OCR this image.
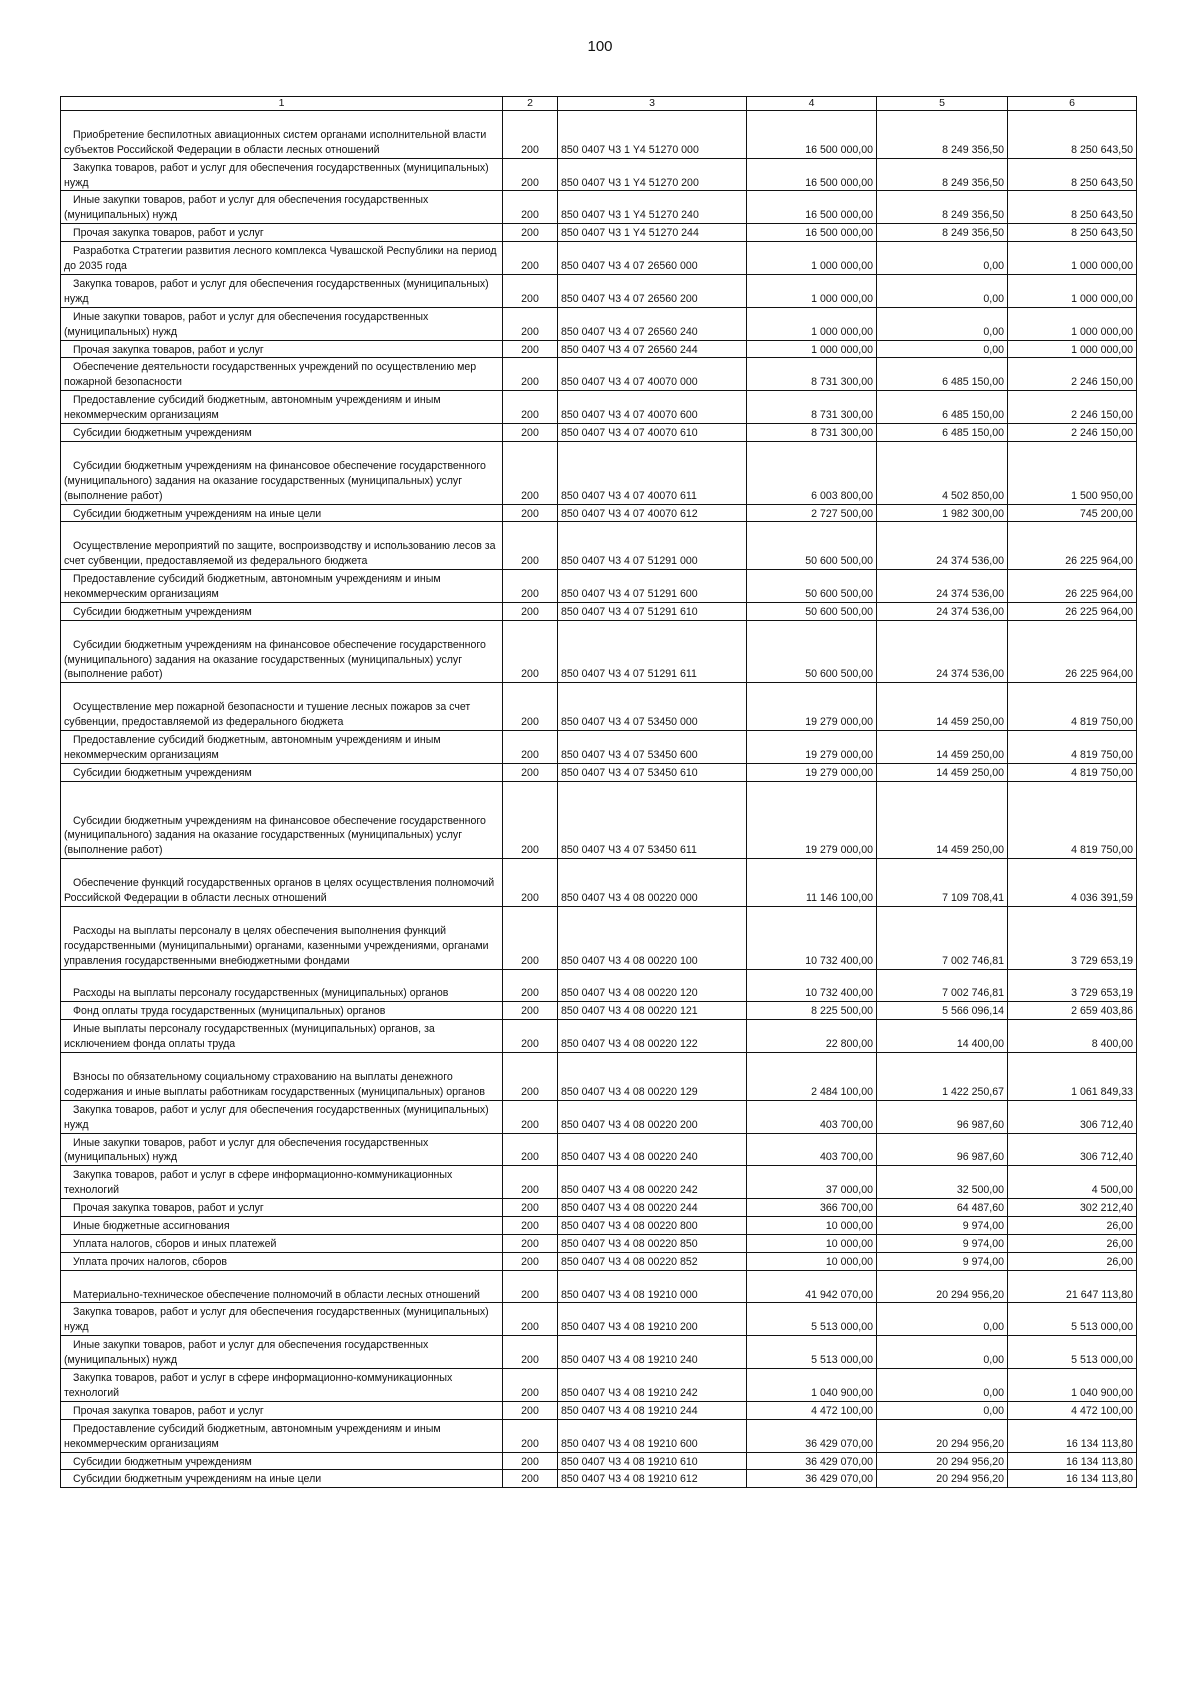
100
1	2	3	4	5	6

Приобретение беспилотных авиационных систем органами исполнительной власти субъектов Российской Федерации в области лесных отношений	200	850 0407 Ч3 1 Y4 51270 000	16 500 000,00	8 249 356,50	8 250 643,50

Закупка товаров, работ и услуг для обеспечения государственных (муниципальных) нужд	200	850 0407 Ч3 1 Y4 51270 200	16 500 000,00	8 249 356,50	8 250 643,50

Иные закупки товаров, работ и услуг для обеспечения государственных (муниципальных) нужд	200	850 0407 Ч3 1 Y4 51270 240	16 500 000,00	8 249 356,50	8 250 643,50

Прочая закупка товаров, работ и услуг	200	850 0407 Ч3 1 Y4 51270 244	16 500 000,00	8 249 356,50	8 250 643,50

Разработка Стратегии развития лесного комплекса Чувашской Республики на период до 2035 года	200	850 0407 Ч3 4 07 26560 000	1 000 000,00	0,00	1 000 000,00

Закупка товаров, работ и услуг для обеспечения государственных (муниципальных) нужд	200	850 0407 Ч3 4 07 26560 200	1 000 000,00	0,00	1 000 000,00

Иные закупки товаров, работ и услуг для обеспечения государственных (муниципальных) нужд	200	850 0407 Ч3 4 07 26560 240	1 000 000,00	0,00	1 000 000,00

Прочая закупка товаров, работ и услуг	200	850 0407 Ч3 4 07 26560 244	1 000 000,00	0,00	1 000 000,00

Обеспечение деятельности государственных учреждений по осуществлению мер пожарной безопасности	200	850 0407 Ч3 4 07 40070 000	8 731 300,00	6 485 150,00	2 246 150,00

Предоставление субсидий бюджетным, автономным учреждениям и иным некоммерческим организациям	200	850 0407 Ч3 4 07 40070 600	8 731 300,00	6 485 150,00	2 246 150,00

Субсидии бюджетным учреждениям	200	850 0407 Ч3 4 07 40070 610	8 731 300,00	6 485 150,00	2 246 150,00

Субсидии бюджетным учреждениям на финансовое обеспечение государственного (муниципального) задания на оказание государственных (муниципальных) услуг (выполнение работ)	200	850 0407 Ч3 4 07 40070 611	6 003 800,00	4 502 850,00	1 500 950,00

Субсидии бюджетным учреждениям на иные цели	200	850 0407 Ч3 4 07 40070 612	2 727 500,00	1 982 300,00	745 200,00

Осуществление мероприятий по защите, воспроизводству и использованию лесов за счет субвенции, предоставляемой из федерального бюджета	200	850 0407 Ч3 4 07 51291 000	50 600 500,00	24 374 536,00	26 225 964,00

Предоставление субсидий бюджетным, автономным учреждениям и иным некоммерческим организациям	200	850 0407 Ч3 4 07 51291 600	50 600 500,00	24 374 536,00	26 225 964,00

Субсидии бюджетным учреждениям	200	850 0407 Ч3 4 07 51291 610	50 600 500,00	24 374 536,00	26 225 964,00

Субсидии бюджетным учреждениям на финансовое обеспечение государственного (муниципального) задания на оказание государственных (муниципальных) услуг (выполнение работ)	200	850 0407 Ч3 4 07 51291 611	50 600 500,00	24 374 536,00	26 225 964,00

Осуществление мер пожарной безопасности и тушение лесных пожаров за счет субвенции, предоставляемой из федерального бюджета	200	850 0407 Ч3 4 07 53450 000	19 279 000,00	14 459 250,00	4 819 750,00

Предоставление субсидий бюджетным, автономным учреждениям и иным некоммерческим организациям	200	850 0407 Ч3 4 07 53450 600	19 279 000,00	14 459 250,00	4 819 750,00

Субсидии бюджетным учреждениям	200	850 0407 Ч3 4 07 53450 610	19 279 000,00	14 459 250,00	4 819 750,00

Субсидии бюджетным учреждениям на финансовое обеспечение государственного (муниципального) задания на оказание государственных (муниципальных) услуг (выполнение работ)	200	850 0407 Ч3 4 07 53450 611	19 279 000,00	14 459 250,00	4 819 750,00

Обеспечение функций государственных органов в целях осуществления полномочий Российской Федерации в области лесных отношений	200	850 0407 Ч3 4 08 00220 000	11 146 100,00	7 109 708,41	4 036 391,59

Расходы на выплаты персоналу в целях обеспечения выполнения функций государственными (муниципальными) органами, казенными учреждениями, органами управления государственными внебюджетными фондами	200	850 0407 Ч3 4 08 00220 100	10 732 400,00	7 002 746,81	3 729 653,19

Расходы на выплаты персоналу государственных (муниципальных) органов	200	850 0407 Ч3 4 08 00220 120	10 732 400,00	7 002 746,81	3 729 653,19

Фонд оплаты труда государственных (муниципальных) органов	200	850 0407 Ч3 4 08 00220 121	8 225 500,00	5 566 096,14	2 659 403,86

Иные выплаты персоналу государственных (муниципальных) органов, за исключением фонда оплаты труда	200	850 0407 Ч3 4 08 00220 122	22 800,00	14 400,00	8 400,00

Взносы по обязательному социальному страхованию на выплаты денежного содержания и иные выплаты работникам государственных (муниципальных) органов	200	850 0407 Ч3 4 08 00220 129	2 484 100,00	1 422 250,67	1 061 849,33

Закупка товаров, работ и услуг для обеспечения государственных (муниципальных) нужд	200	850 0407 Ч3 4 08 00220 200	403 700,00	96 987,60	306 712,40

Иные закупки товаров, работ и услуг для обеспечения государственных (муниципальных) нужд	200	850 0407 Ч3 4 08 00220 240	403 700,00	96 987,60	306 712,40

Закупка товаров, работ и услуг в сфере информационно-коммуникационных технологий	200	850 0407 Ч3 4 08 00220 242	37 000,00	32 500,00	4 500,00

Прочая закупка товаров, работ и услуг	200	850 0407 Ч3 4 08 00220 244	366 700,00	64 487,60	302 212,40

Иные бюджетные ассигнования	200	850 0407 Ч3 4 08 00220 800	10 000,00	9 974,00	26,00

Уплата налогов, сборов и иных платежей	200	850 0407 Ч3 4 08 00220 850	10 000,00	9 974,00	26,00

Уплата прочих налогов, сборов	200	850 0407 Ч3 4 08 00220 852	10 000,00	9 974,00	26,00

Материально-техническое обеспечение полномочий в области лесных отношений	200	850 0407 Ч3 4 08 19210 000	41 942 070,00	20 294 956,20	21 647 113,80

Закупка товаров, работ и услуг для обеспечения государственных (муниципальных) нужд	200	850 0407 Ч3 4 08 19210 200	5 513 000,00	0,00	5 513 000,00

Иные закупки товаров, работ и услуг для обеспечения государственных (муниципальных) нужд	200	850 0407 Ч3 4 08 19210 240	5 513 000,00	0,00	5 513 000,00

Закупка товаров, работ и услуг в сфере информационно-коммуникационных технологий	200	850 0407 Ч3 4 08 19210 242	1 040 900,00	0,00	1 040 900,00

Прочая закупка товаров, работ и услуг	200	850 0407 Ч3 4 08 19210 244	4 472 100,00	0,00	4 472 100,00

Предоставление субсидий бюджетным, автономным учреждениям и иным некоммерческим организациям	200	850 0407 Ч3 4 08 19210 600	36 429 070,00	20 294 956,20	16 134 113,80

Субсидии бюджетным учреждениям	200	850 0407 Ч3 4 08 19210 610	36 429 070,00	20 294 956,20	16 134 113,80

Субсидии бюджетным учреждениям на иные цели	200	850 0407 Ч3 4 08 19210 612	36 429 070,00	20 294 956,20	16 134 113,80
